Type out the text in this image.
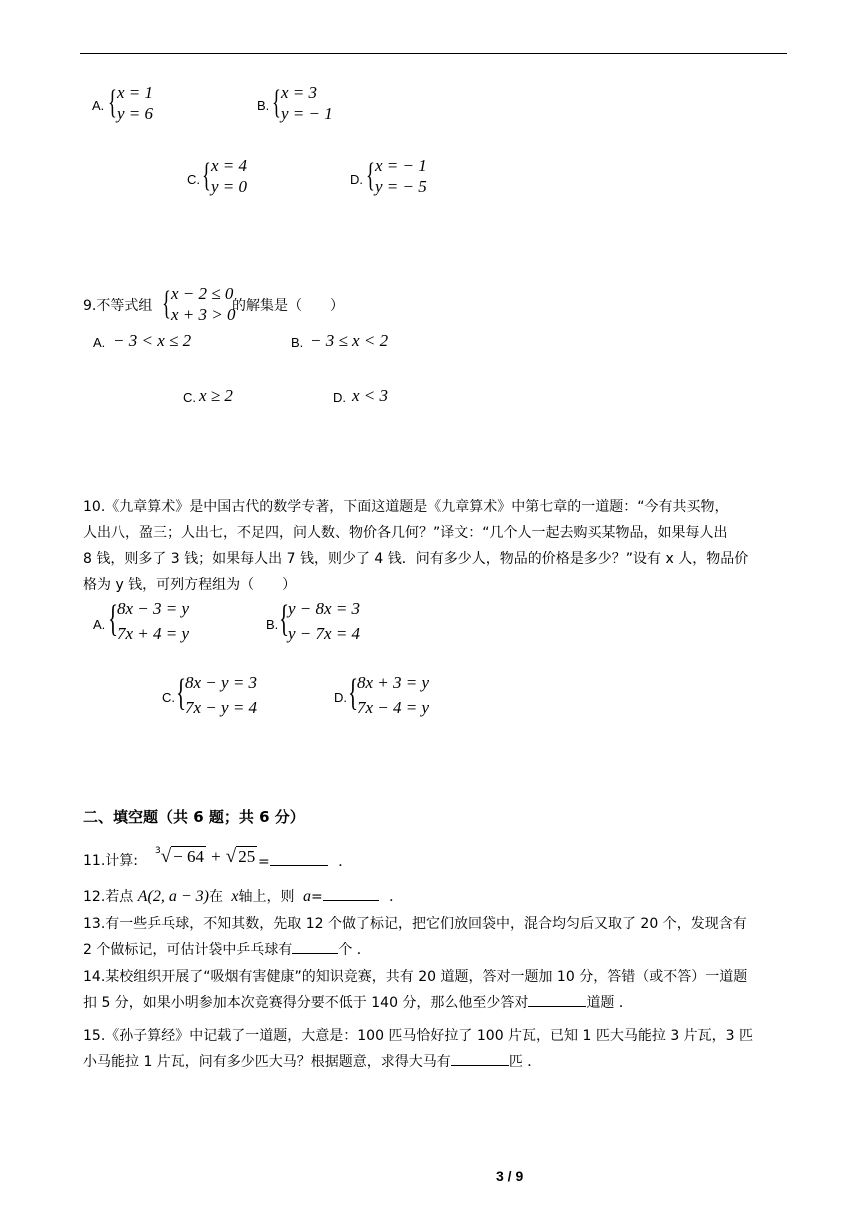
A. { x = 1
y = 6	B. { x = 3
y = − 1
C. { x = 4
y = 0	D. { x = − 1
y = − 5
9.不等式组 { x − 2 ≤ 0
x + 3 > 0
的解集是（　　）
A. − 3 < x ≤ 2	B. − 3 ≤ x < 2
C. x ≥ 2	D. x < 3
10.《九章算术》是中国古代的数学专著，下面这道题是《九章算术》中第七章的一道题：“今有共买物，
人出八，盈三；人出七，不足四，问人数、物价各几何？”译文：“几个人一起去购买某物品，如果每人出
8 钱，则多了 3 钱；如果每人出 7 钱，则少了 4 钱．问有多少人，物品的价格是多少？”设有 x 人，物品价
格为 y 钱，可列方程组为（　　）
A. {
8x − 3 = y
7x + 4 = y	B. {
y − 8x = 3
y − 7x = 4
C. {
8x − y = 3
7x − y = 4
D. {
8x + 3 = y
7x − 4 = y
二、填空题（共 6 题；共 6 分）
11.计算:
$^3$√ − 64 + √ 25 =	．
12.若点 A(2, a − 3)在 x轴上，则 a=	．
13.有一些乒乓球，不知其数，先取 12 个做了标记，把它们放回袋中，混合均匀后又取了 20 个，发现含有
2 个做标记，可估计袋中乒乓球有	个 ．
14.某校组织开展了“吸烟有害健康”的知识竞赛，共有 20 道题，答对一题加 10 分，答错（或不答）一道题
扣 5 分，如果小明参加本次竞赛得分要不低于 140 分，那么他至少答对	道题 ．
15.《孙子算经》中记载了一道题，大意是：100 匹马恰好拉了 100 片瓦，已知 1 匹大马能拉 3 片瓦，3 匹
小马能拉 1 片瓦，问有多少匹大马？根据题意，求得大马有	匹 ．
3 / 9
